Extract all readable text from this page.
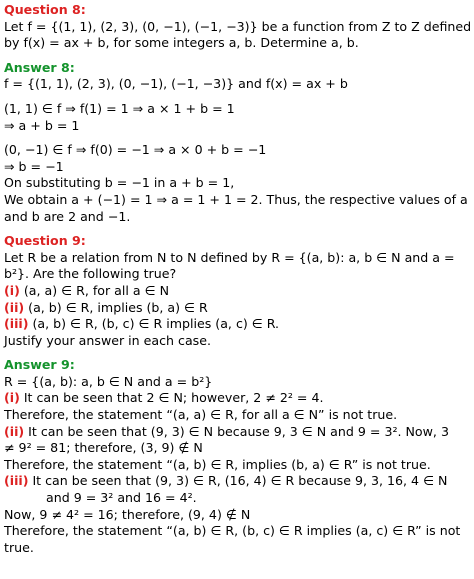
Question 8:
Let f = {(1, 1), (2, 3), (0, −1), (−1, −3)} be a function from Z to Z defined
by f(x) = ax + b, for some integers a, b. Determine a, b.
Answer 8:
f = {(1, 1), (2, 3), (0, −1), (−1, −3)} and f(x) = ax + b
(1, 1) ∈ f ⇒ f(1) = 1 ⇒ a × 1 + b = 1
⇒ a + b = 1
(0, −1) ∈ f ⇒ f(0) = −1 ⇒ a × 0 + b = −1
⇒ b = −1
On substituting b = −1 in a + b = 1,
We obtain a + (−1) = 1 ⇒ a = 1 + 1 = 2. Thus, the respective values of a
and b are 2 and −1.
Question 9:
Let R be a relation from N to N defined by R = {(a, b): a, b ∈ N and a =
b²}. Are the following true?
(i) (a, a) ∈ R, for all a ∈ N
(ii) (a, b) ∈ R, implies (b, a) ∈ R
(iii) (a, b) ∈ R, (b, c) ∈ R implies (a, c) ∈ R.
Justify your answer in each case.
Answer 9:
R = {(a, b): a, b ∈ N and a = b²}
(i) It can be seen that 2 ∈ N; however, 2 ≠ 2² = 4.
Therefore, the statement “(a, a) ∈ R, for all a ∈ N” is not true.
(ii) It can be seen that (9, 3) ∈ N because 9, 3 ∈ N and 9 = 3². Now, 3
≠ 9² = 81; therefore, (3, 9) ∉ N
Therefore, the statement “(a, b) ∈ R, implies (b, a) ∈ R” is not true.
(iii) It can be seen that (9, 3) ∈ R, (16, 4) ∈ R because 9, 3, 16, 4 ∈ N
and 9 = 3² and 16 = 4².
Now, 9 ≠ 4² = 16; therefore, (9, 4) ∉ N
Therefore, the statement “(a, b) ∈ R, (b, c) ∈ R implies (a, c) ∈ R” is not
true.
